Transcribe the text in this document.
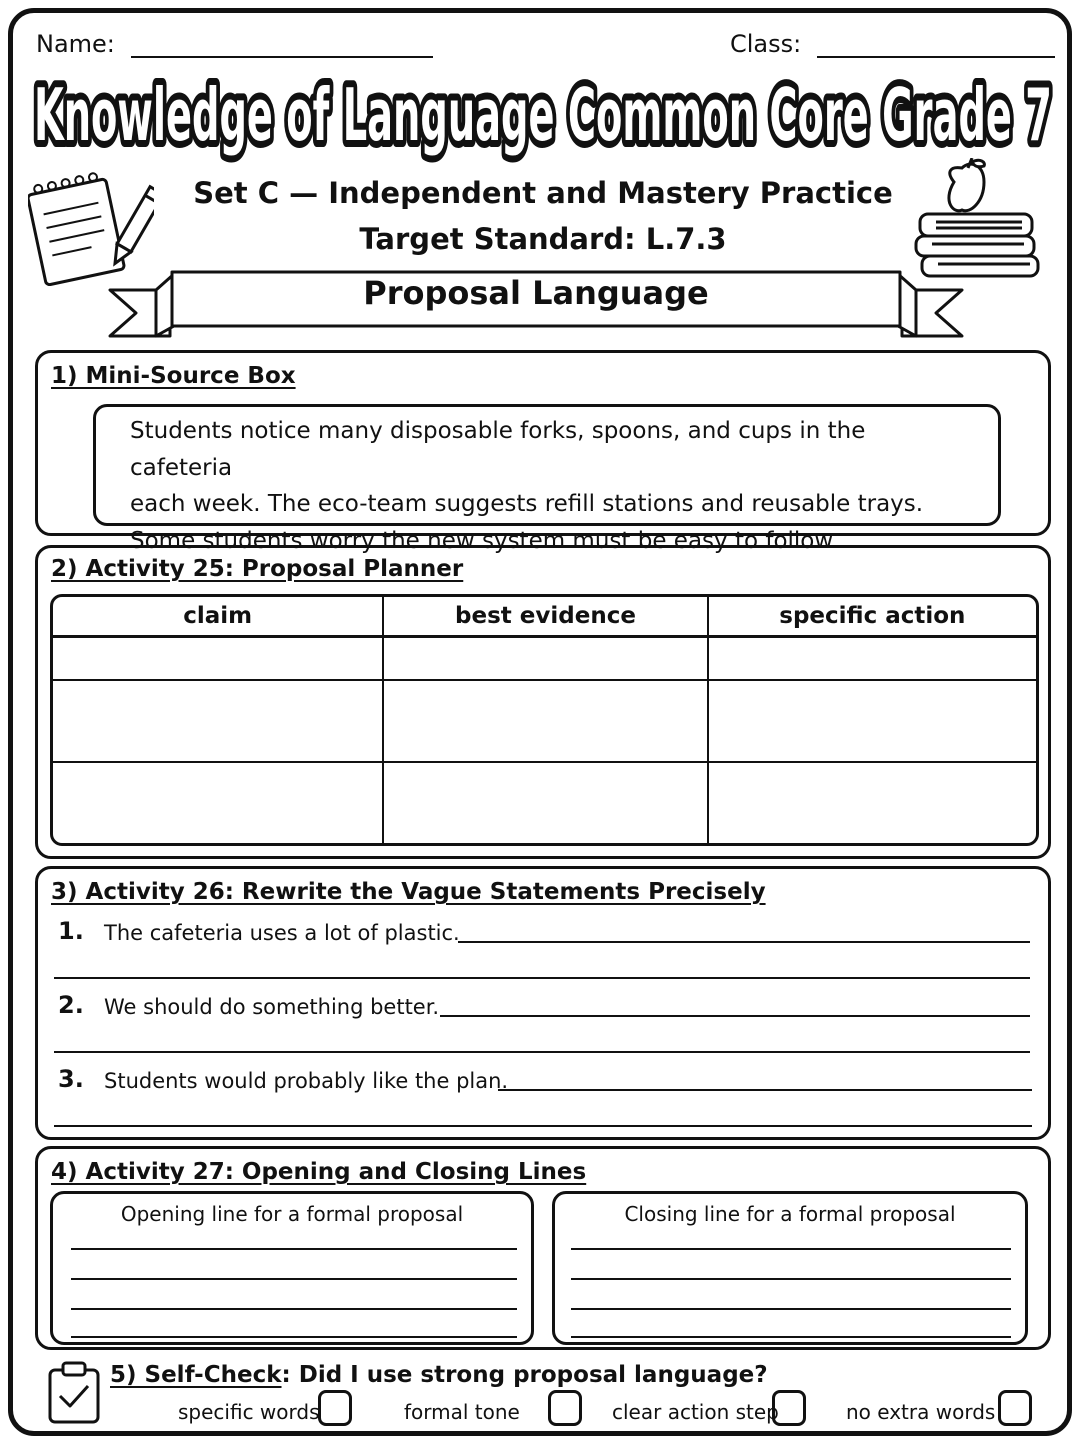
Name:	Class:
Knowledge of Language Common Core Grade 7
Set C — Independent and Mastery Practice
Target Standard: L.7.3
Proposal Language
1) Mini-Source Box
Students notice many disposable forks, spoons, and cups in the cafeteria
each week. The eco-team suggests refill stations and reusable trays.
Some students worry the new system must be easy to follow.
2) Activity 25: Proposal Planner
claim	best evidence	specific action

3) Activity 26: Rewrite the Vague Statements Precisely
1. The cafeteria uses a lot of plastic.
2. We should do something better.
3. Students would probably like the plan.
4) Activity 27: Opening and Closing Lines
Opening line for a formal proposal	Closing line for a formal proposal
5) Self-Check: Did I use strong proposal language?
specific words	formal tone	clear action step	no extra words
